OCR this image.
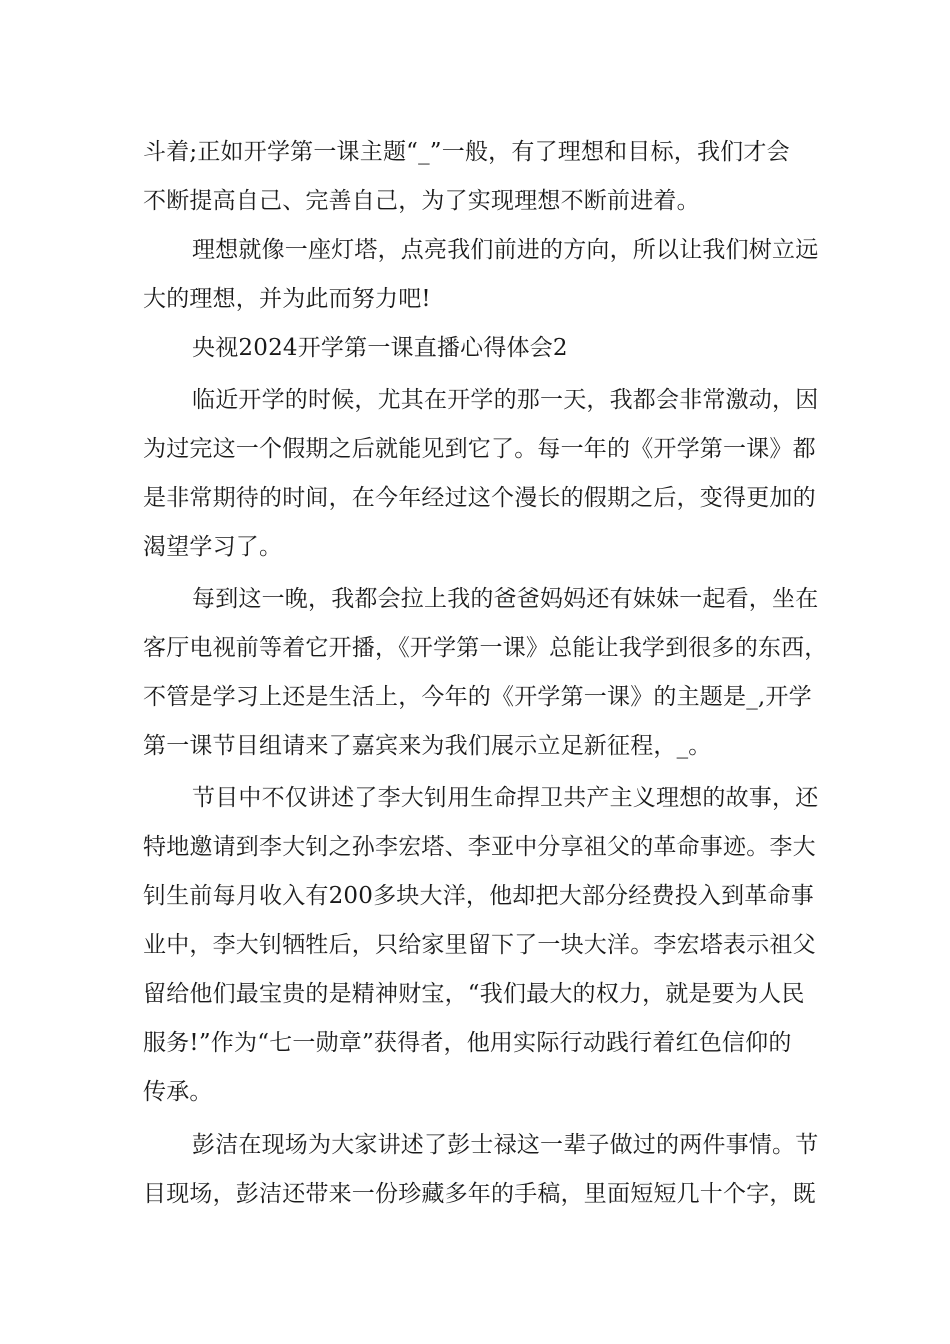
斗着;正如开学第一课主题“_”一般，有了理想和目标，我们才会
不断提高自己、完善自己，为了实现理想不断前进着。
理想就像一座灯塔，点亮我们前进的方向，所以让我们树立远
大的理想，并为此而努力吧!
央视2024开学第一课直播心得体会2
临近开学的时候，尤其在开学的那一天，我都会非常激动，因
为过完这一个假期之后就能见到它了。每一年的《开学第一课》都
是非常期待的时间，在今年经过这个漫长的假期之后，变得更加的
渴望学习了。
每到这一晚，我都会拉上我的爸爸妈妈还有妹妹一起看，坐在
客厅电视前等着它开播，《开学第一课》总能让我学到很多的东西，
不管是学习上还是生活上，今年的《开学第一课》的主题是_,开学
第一课节目组请来了嘉宾来为我们展示立足新征程，_。
节目中不仅讲述了李大钊用生命捍卫共产主义理想的故事，还
特地邀请到李大钊之孙李宏塔、李亚中分享祖父的革命事迹。李大
钊生前每月收入有200多块大洋，他却把大部分经费投入到革命事
业中，李大钊牺牲后，只给家里留下了一块大洋。李宏塔表示祖父
留给他们最宝贵的是精神财宝，“我们最大的权力，就是要为人民
服务!”作为“七一勋章”获得者，他用实际行动践行着红色信仰的
传承。
彭洁在现场为大家讲述了彭士禄这一辈子做过的两件事情。节
目现场，彭洁还带来一份珍藏多年的手稿，里面短短几十个字，既
